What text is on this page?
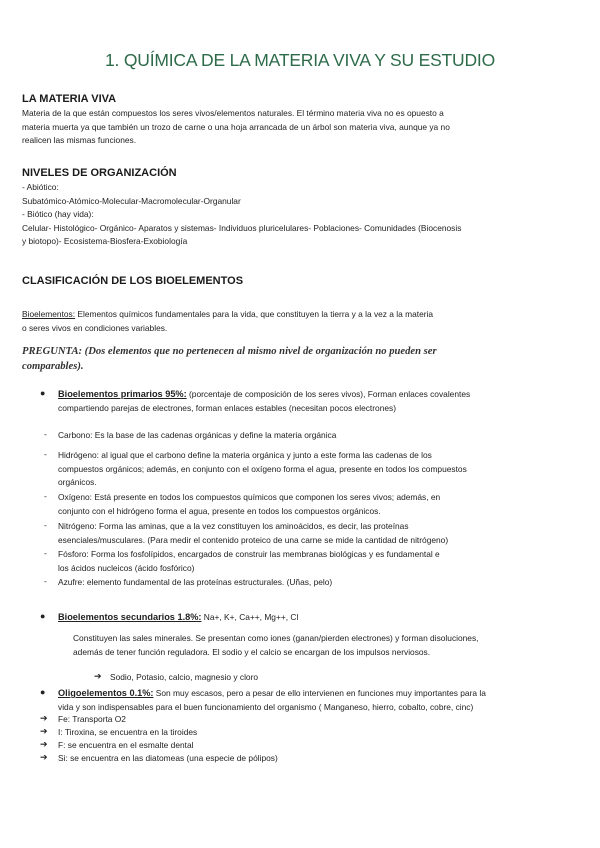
1. QUÍMICA DE LA MATERIA VIVA Y SU ESTUDIO
LA MATERIA VIVA
Materia de la que están compuestos los seres vivos/elementos naturales. El término materia viva no es opuesto a
materia muerta ya que también un trozo de carne o una hoja arrancada de un árbol son materia viva, aunque ya no
realicen las mismas funciones.
NIVELES DE ORGANIZACIÓN
- Abiótico:
Subatómico-Atómico-Molecular-Macromolecular-Organular
- Biótico (hay vida):
Celular- Histológico- Orgánico- Aparatos y sistemas- Individuos pluricelulares- Poblaciones- Comunidades (Biocenosis
y biotopo)- Ecosistema-Biosfera-Exobiología
CLASIFICACIÓN DE LOS BIOELEMENTOS
Bioelementos: Elementos químicos fundamentales para la vida, que constituyen la tierra y a la vez a la materia
o seres vivos en condiciones variables.
PREGUNTA: (Dos elementos que no pertenecen al mismo nivel de organización no pueden ser
comparables).
● Bioelementos primarios 95%: (porcentaje de composición de los seres vivos), Forman enlaces covalentes
compartiendo parejas de electrones, forman enlaces estables (necesitan pocos electrones)
- Carbono: Es la base de las cadenas orgánicas y define la materia orgánica
- Hidrógeno: al igual que el carbono define la materia orgánica y junto a este forma las cadenas de los
compuestos orgánicos; además, en conjunto con el oxígeno forma el agua, presente en todos los compuestos
orgánicos.
- Oxígeno: Está presente en todos los compuestos químicos que componen los seres vivos; además, en
conjunto con el hidrógeno forma el agua, presente en todos los compuestos orgánicos.
- Nitrógeno: Forma las aminas, que a la vez constituyen los aminoácidos, es decir, las proteínas
esenciales/musculares. (Para medir el contenido proteico de una carne se mide la cantidad de nitrógeno)
- Fósforo: Forma los fosfolípidos, encargados de construir las membranas biológicas y es fundamental e
los ácidos nucleicos (ácido fosfórico)
- Azufre: elemento fundamental de las proteínas estructurales. (Uñas, pelo)
● Bioelementos secundarios 1.8%: Na+, K+, Ca++, Mg++, Cl
Constituyen las sales minerales. Se presentan como iones (ganan/pierden electrones) y forman disoluciones,
además de tener función reguladora. El sodio y el calcio se encargan de los impulsos nerviosos.
➔ Sodio, Potasio, calcio, magnesio y cloro
● Oligoelementos 0.1%: Son muy escasos, pero a pesar de ello intervienen en funciones muy importantes para la
vida y son indispensables para el buen funcionamiento del organismo ( Manganeso, hierro, cobalto, cobre, cinc)
➔ Fe: Transporta O2
➔ I: Tiroxina, se encuentra en la tiroides
➔ F: se encuentra en el esmalte dental
➔ Si: se encuentra en las diatomeas (una especie de pólipos)
